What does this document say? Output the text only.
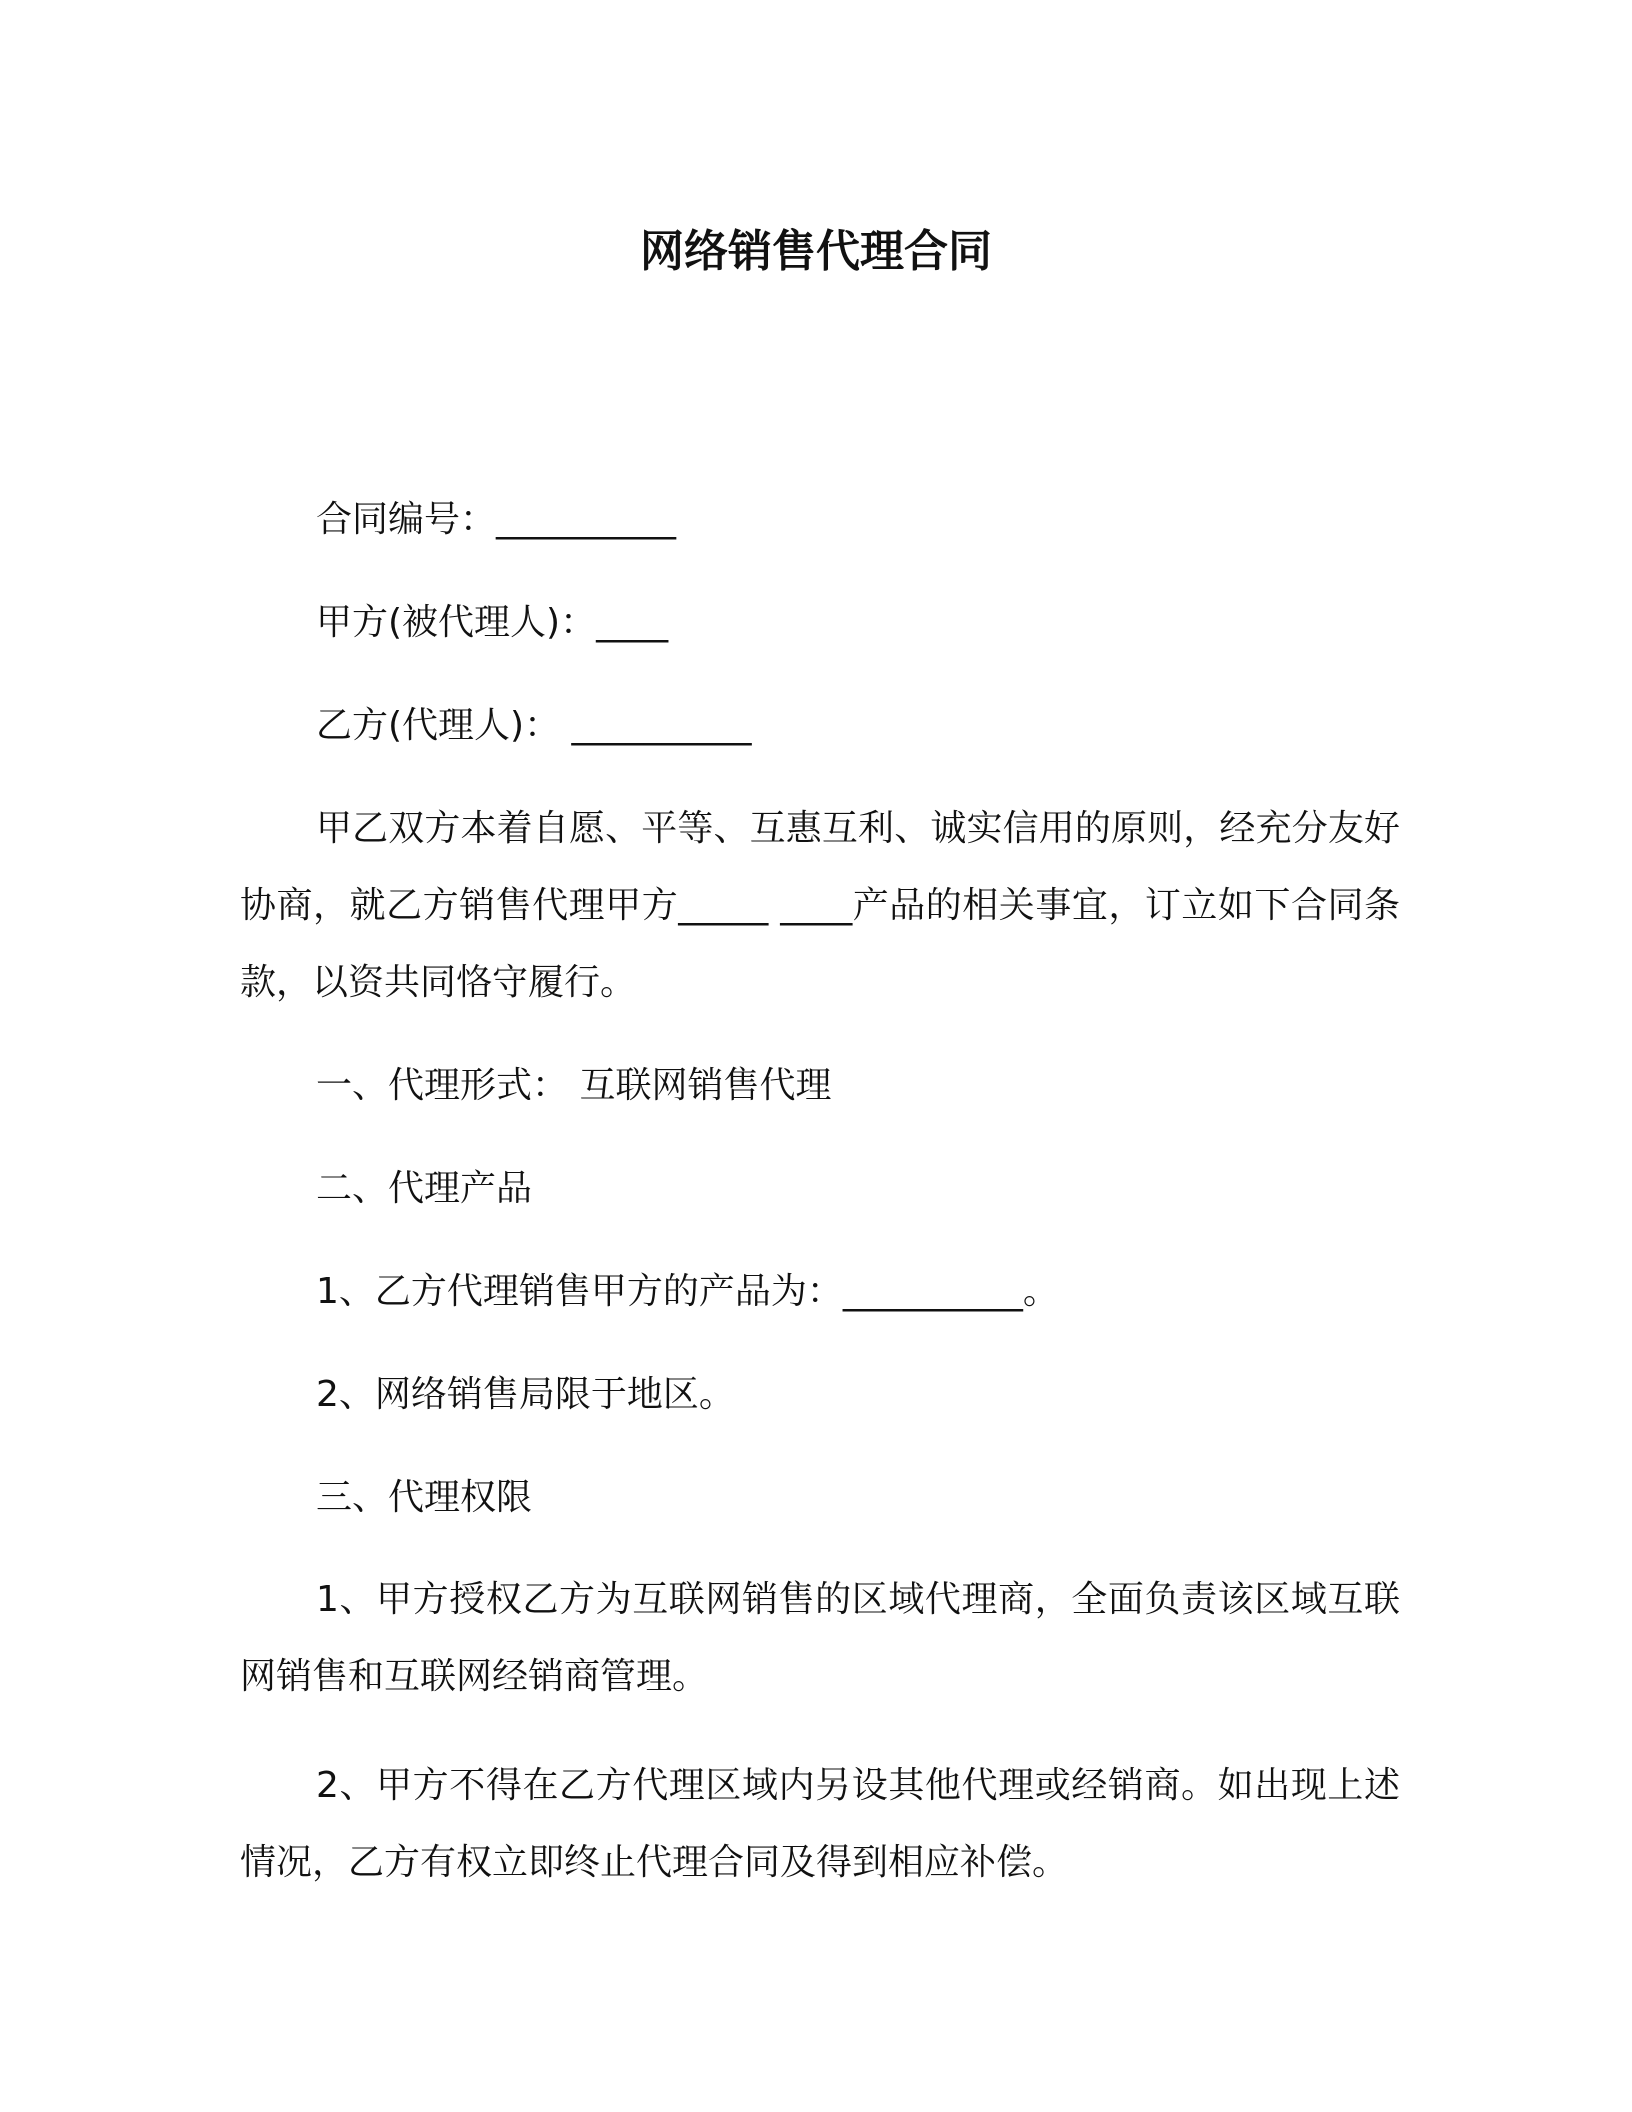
网络销售代理合同
合同编号：__________
甲方(被代理人)：____
乙方(代理人)： __________
甲乙双方本着自愿、平等、互惠互利、诚实信用的原则，经充分友好协商，就乙方销售代理甲方_____ ____产品的相关事宜，订立如下合同条款，以资共同恪守履行。
一、代理形式： 互联网销售代理
二、代理产品
1、乙方代理销售甲方的产品为：__________。
2、网络销售局限于地区。
三、代理权限
1、甲方授权乙方为互联网销售的区域代理商，全面负责该区域互联网销售和互联网经销商管理。
2、甲方不得在乙方代理区域内另设其他代理或经销商。如出现上述情况，乙方有权立即终止代理合同及得到相应补偿。
